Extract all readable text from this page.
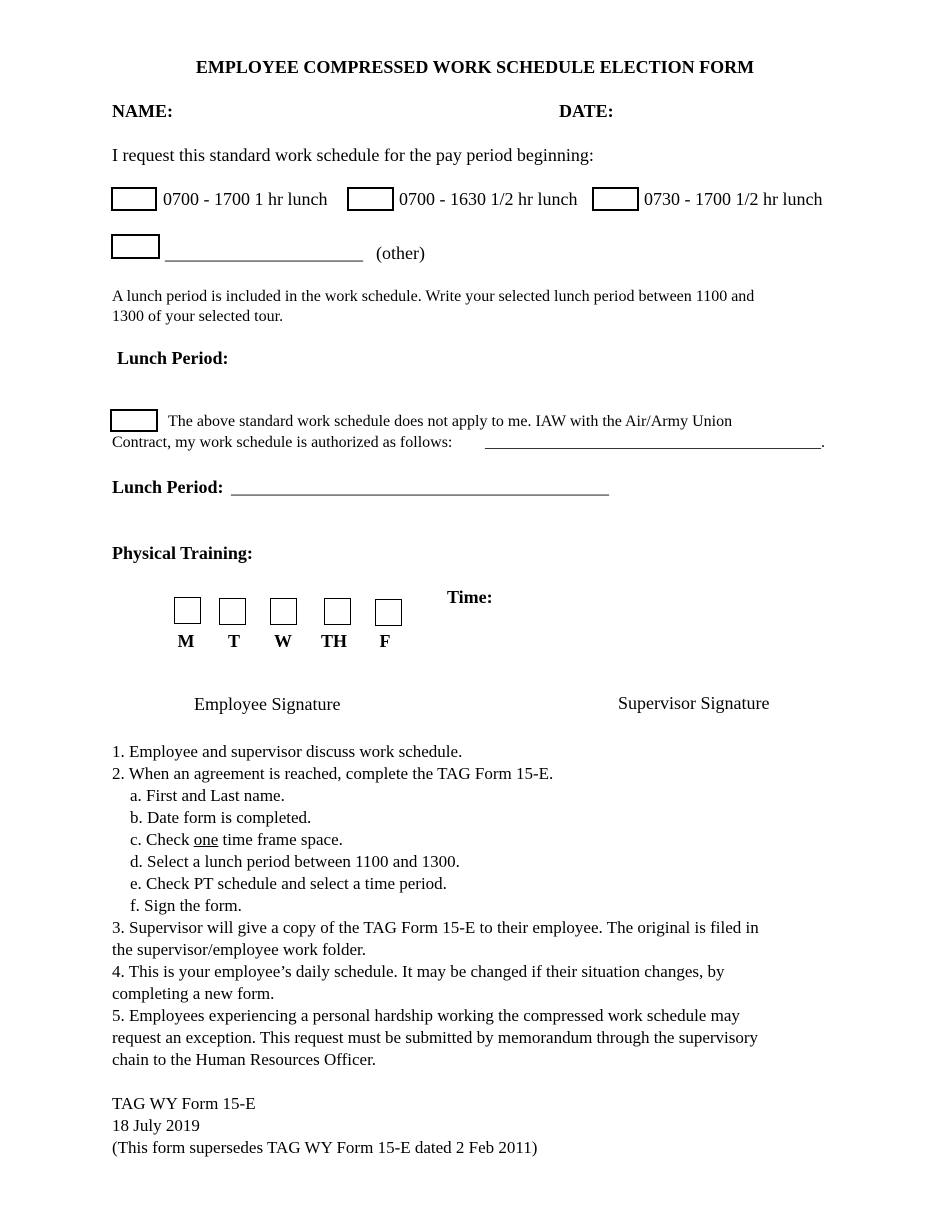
EMPLOYEE COMPRESSED WORK SCHEDULE ELECTION FORM
NAME:	DATE:
I request this standard work schedule for the pay period beginning:
0700 - 1700 1 hr lunch	0700 - 1630 1/2 hr lunch	0730 - 1700 1/2 hr lunch
______________________ (other)
A lunch period is included in the work schedule. Write your selected lunch period between 1100 and
1300 of your selected tour.
Lunch Period:
The above standard work schedule does not apply to me. IAW with the Air/Army Union
Contract, my work schedule is authorized as follows: __________________________________________.
Lunch Period: __________________________________________
Physical Training:
Time:
M	T	W	TH	F
Employee Signature	Supervisor Signature
1. Employee and supervisor discuss work schedule.
2. When an agreement is reached, complete the TAG Form 15-E.
a. First and Last name.
b. Date form is completed.
c. Check one time frame space.
d. Select a lunch period between 1100 and 1300.
e. Check PT schedule and select a time period.
f. Sign the form.
3. Supervisor will give a copy of the TAG Form 15-E to their employee. The original is filed in
the supervisor/employee work folder.
4. This is your employee’s daily schedule. It may be changed if their situation changes, by
completing a new form.
5. Employees experiencing a personal hardship working the compressed work schedule may
request an exception. This request must be submitted by memorandum through the supervisory
chain to the Human Resources Officer.
TAG WY Form 15-E
18 July 2019
(This form supersedes TAG WY Form 15-E dated 2 Feb 2011)
